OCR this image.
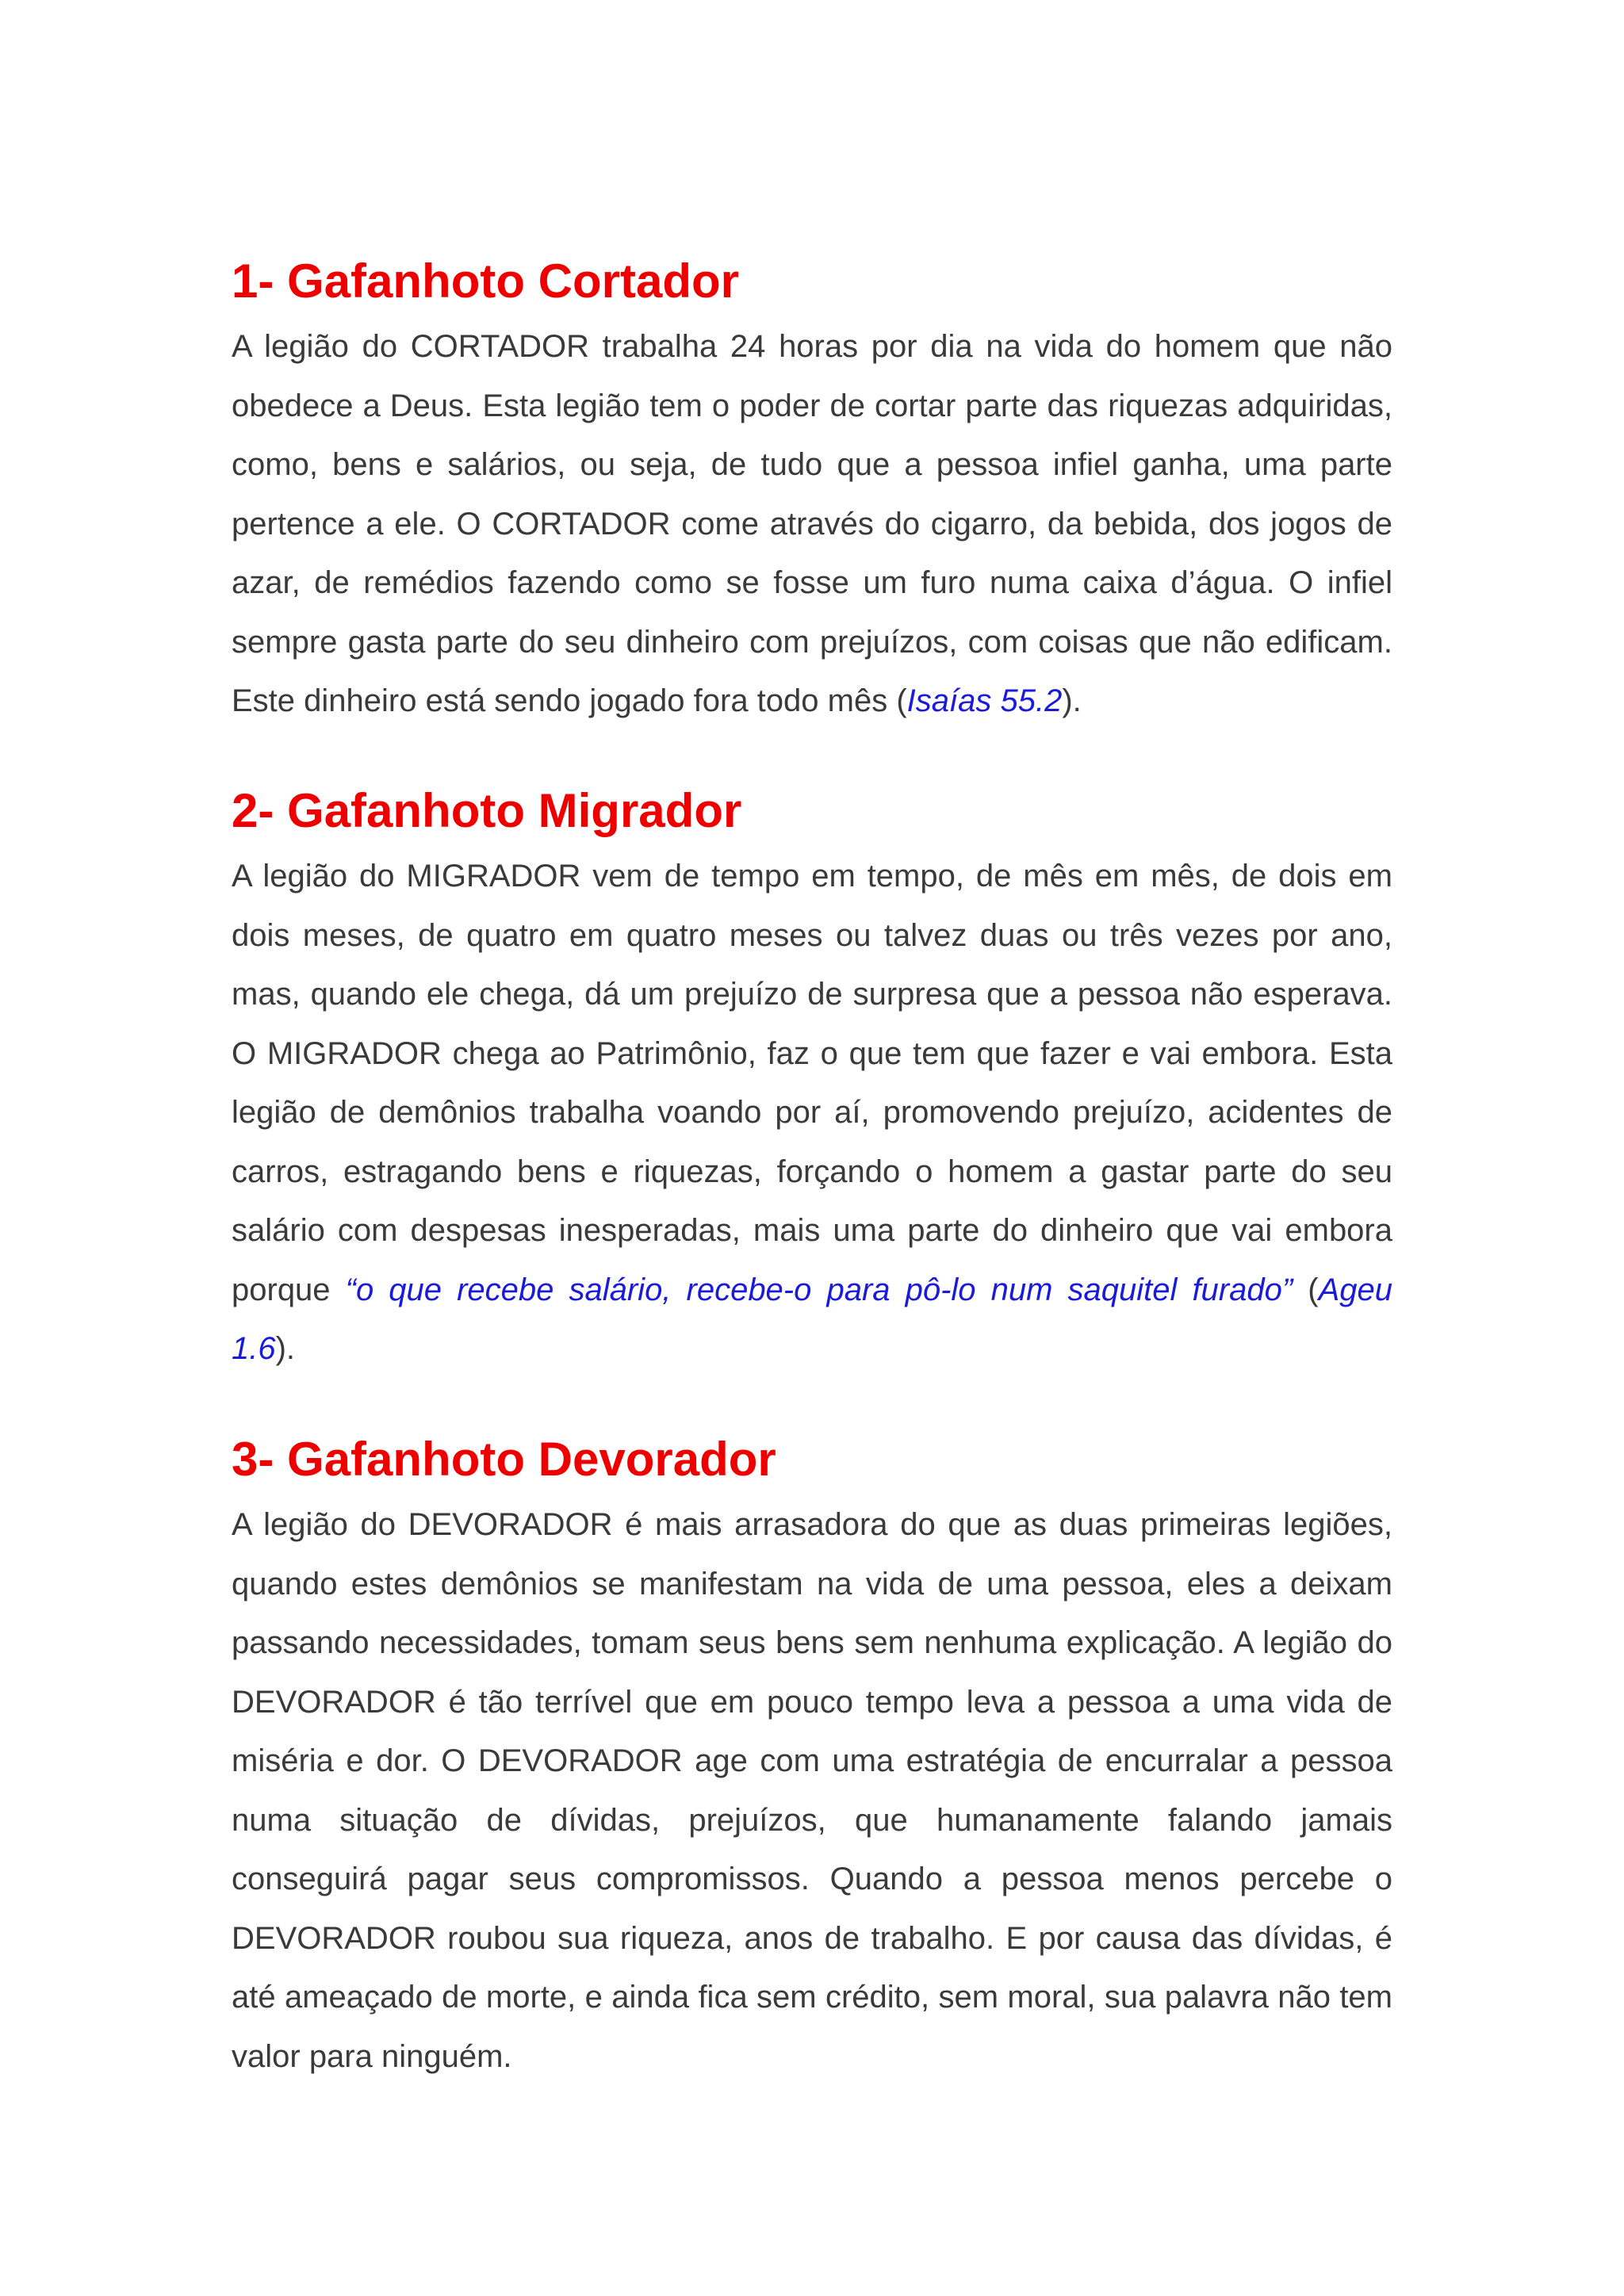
1- Gafanhoto Cortador

A legião do CORTADOR trabalha 24 horas por dia na vida do homem que não obedece a Deus. Esta legião tem o poder de cortar parte das riquezas adquiridas, como, bens e salários, ou seja, de tudo que a pessoa infiel ganha, uma parte pertence a ele. O CORTADOR come através do cigarro, da bebida, dos jogos de azar, de remédios fazendo como se fosse um furo numa caixa d’água. O infiel sempre gasta parte do seu dinheiro com prejuízos, com coisas que não edificam. Este dinheiro está sendo jogado fora todo mês (Isaías 55.2).

2- Gafanhoto Migrador

A legião do MIGRADOR vem de tempo em tempo, de mês em mês, de dois em dois meses, de quatro em quatro meses ou talvez duas ou três vezes por ano, mas, quando ele chega, dá um prejuízo de surpresa que a pessoa não esperava. O MIGRADOR chega ao Patrimônio, faz o que tem que fazer e vai embora. Esta legião de demônios trabalha voando por aí, promovendo prejuízo, acidentes de carros, estragando bens e riquezas, forçando o homem a gastar parte do seu salário com despesas inesperadas, mais uma parte do dinheiro que vai embora porque “o que recebe salário, recebe-o para pô-lo num saquitel furado” (Ageu 1.6).

3- Gafanhoto Devorador

A legião do DEVORADOR é mais arrasadora do que as duas primeiras legiões, quando estes demônios se manifestam na vida de uma pessoa, eles a deixam passando necessidades, tomam seus bens sem nenhuma explicação. A legião do DEVORADOR é tão terrível que em pouco tempo leva a pessoa a uma vida de miséria e dor. O DEVORADOR age com uma estratégia de encurralar a pessoa numa situação de dívidas, prejuízos, que humanamente falando jamais conseguirá pagar seus compromissos. Quando a pessoa menos percebe o DEVORADOR roubou sua riqueza, anos de trabalho. E por causa das dívidas, é até ameaçado de morte, e ainda fica sem crédito, sem moral, sua palavra não tem valor para ninguém.
